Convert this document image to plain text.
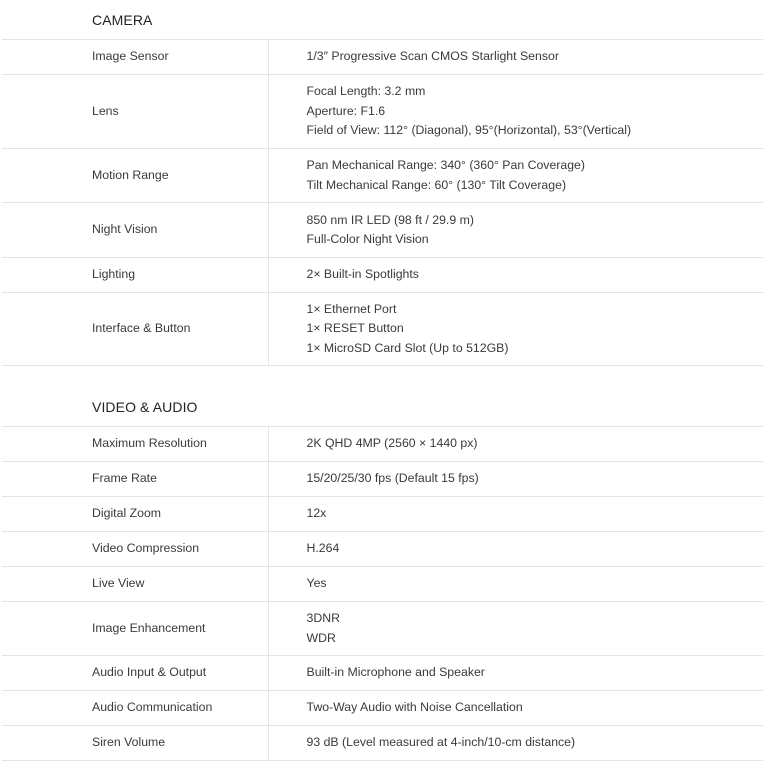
CAMERA
Image Sensor	1/3″ Progressive Scan CMOS Starlight Sensor

Lens	Focal Length: 3.2 mm
Aperture: F1.6
Field of View: 112° (Diagonal), 95°(Horizontal), 53°(Vertical)

Motion Range	Pan Mechanical Range: 340° (360° Pan Coverage)
Tilt Mechanical Range: 60° (130° Tilt Coverage)

Night Vision	850 nm IR LED (98 ft / 29.9 m)
Full-Color Night Vision

Lighting	2× Built-in Spotlights

Interface & Button	1× Ethernet Port
1× RESET Button
1× MicroSD Card Slot (Up to 512GB)
VIDEO & AUDIO
Maximum Resolution	2K QHD 4MP (2560 × 1440 px)

Frame Rate	15/20/25/30 fps (Default 15 fps)

Digital Zoom	12x

Video Compression	H.264

Live View	Yes

Image Enhancement	3DNR
WDR

Audio Input & Output	Built-in Microphone and Speaker

Audio Communication	Two-Way Audio with Noise Cancellation

Siren Volume	93 dB (Level measured at 4-inch/10-cm distance)
